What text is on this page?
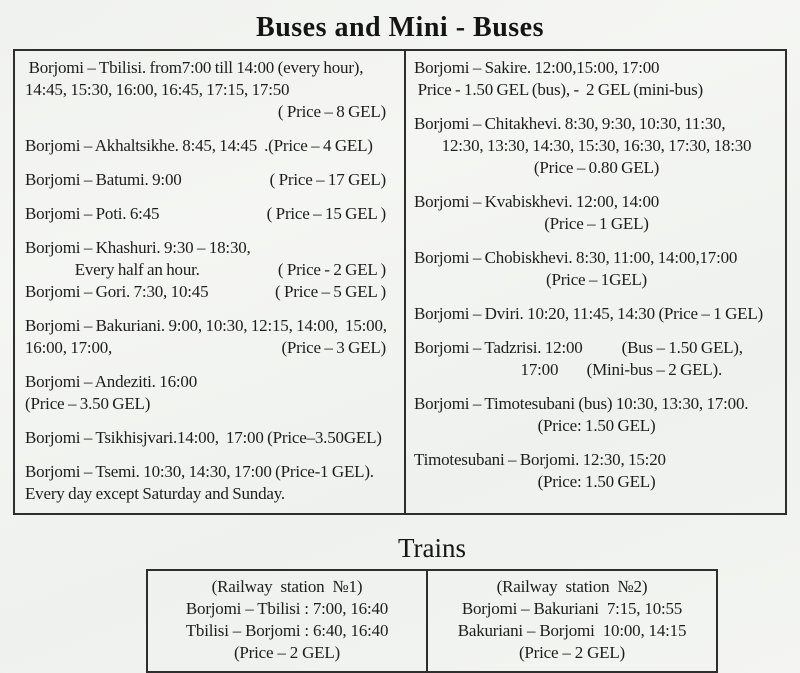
Buses and Mini - Buses
Borjomi – Tbilisi. from7:00 till 14:00 (every hour),
14:45, 15:30, 16:00, 16:45, 17:15, 17:50
( Price – 8 GEL)
Borjomi – Akhaltsikhe. 8:45, 14:45  .(Price – 4 GEL)
Borjomi – Batumi. 9:00	( Price – 17 GEL)
Borjomi – Poti. 6:45	( Price – 15 GEL )
Borjomi – Khashuri. 9:30 – 18:30,
Every half an hour.	( Price - 2 GEL )
Borjomi – Gori. 7:30, 10:45	( Price – 5 GEL )
Borjomi – Bakuriani. 9:00, 10:30, 12:15, 14:00,  15:00,
16:00, 17:00,	(Price – 3 GEL)
Borjomi – Andeziti. 16:00
(Price – 3.50 GEL)
Borjomi – Tsikhisjvari.14:00,  17:00 (Price–3.50GEL)
Borjomi – Tsemi. 10:30, 14:30, 17:00 (Price-1 GEL).
Every day except Saturday and Sunday.
Borjomi – Sakire. 12:00,15:00, 17:00
Price - 1.50 GEL (bus), -  2 GEL (mini-bus)
Borjomi – Chitakhevi. 8:30, 9:30, 10:30, 11:30,
12:30, 13:30, 14:30, 15:30, 16:30, 17:30, 18:30
(Price – 0.80 GEL)
Borjomi – Kvabiskhevi. 12:00, 14:00
(Price – 1 GEL)
Borjomi – Chobiskhevi. 8:30, 11:00, 14:00,17:00
(Price – 1GEL)
Borjomi – Dviri. 10:20, 11:45, 14:30 (Price – 1 GEL)
Borjomi – Tadzrisi. 12:00           (Bus – 1.50 GEL),
17:00        (Mini-bus – 2 GEL).
Borjomi – Timotesubani (bus) 10:30, 13:30, 17:00.
(Price: 1.50 GEL)
Timotesubani – Borjomi. 12:30, 15:20
(Price: 1.50 GEL)
Trains
(Railway  station  №1)
Borjomi – Tbilisi : 7:00, 16:40
Tbilisi – Borjomi : 6:40, 16:40
(Price – 2 GEL)
(Railway  station  №2)
Borjomi – Bakuriani  7:15, 10:55
Bakuriani – Borjomi  10:00, 14:15
(Price – 2 GEL)
